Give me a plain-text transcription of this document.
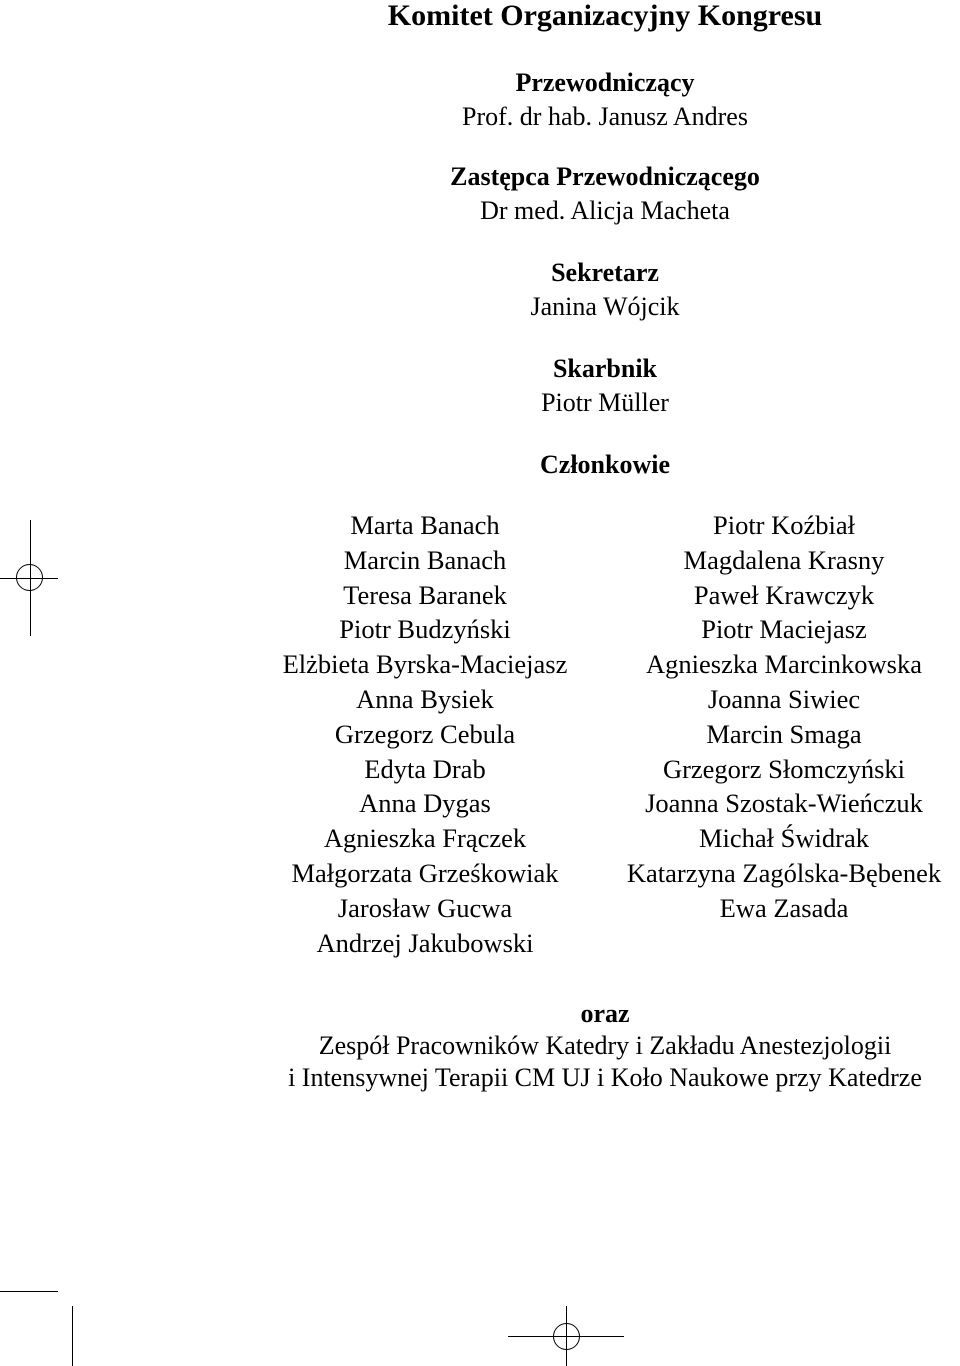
Komitet Organizacyjny Kongresu
Przewodniczący
Prof. dr hab. Janusz Andres
Zastępca Przewodniczącego
Dr med. Alicja Macheta
Sekretarz
Janina Wójcik
Skarbnik
Piotr Müller
Członkowie
Marta Banach
Marcin Banach
Teresa Baranek
Piotr Budzyński
Elżbieta Byrska-Maciejasz
Anna Bysiek
Grzegorz Cebula
Edyta Drab
Anna Dygas
Agnieszka Frączek
Małgorzata Grześkowiak
Jarosław Gucwa
Andrzej Jakubowski
Piotr Koźbiał
Magdalena Krasny
Paweł Krawczyk
Piotr Maciejasz
Agnieszka Marcinkowska
Joanna Siwiec
Marcin Smaga
Grzegorz Słomczyński
Joanna Szostak-Wieńczuk
Michał Świdrak
Katarzyna Zagólska-Bębenek
Ewa Zasada
oraz
Zespół Pracowników Katedry i Zakładu Anestezjologii
i Intensywnej Terapii CM UJ i Koło Naukowe przy Katedrze
